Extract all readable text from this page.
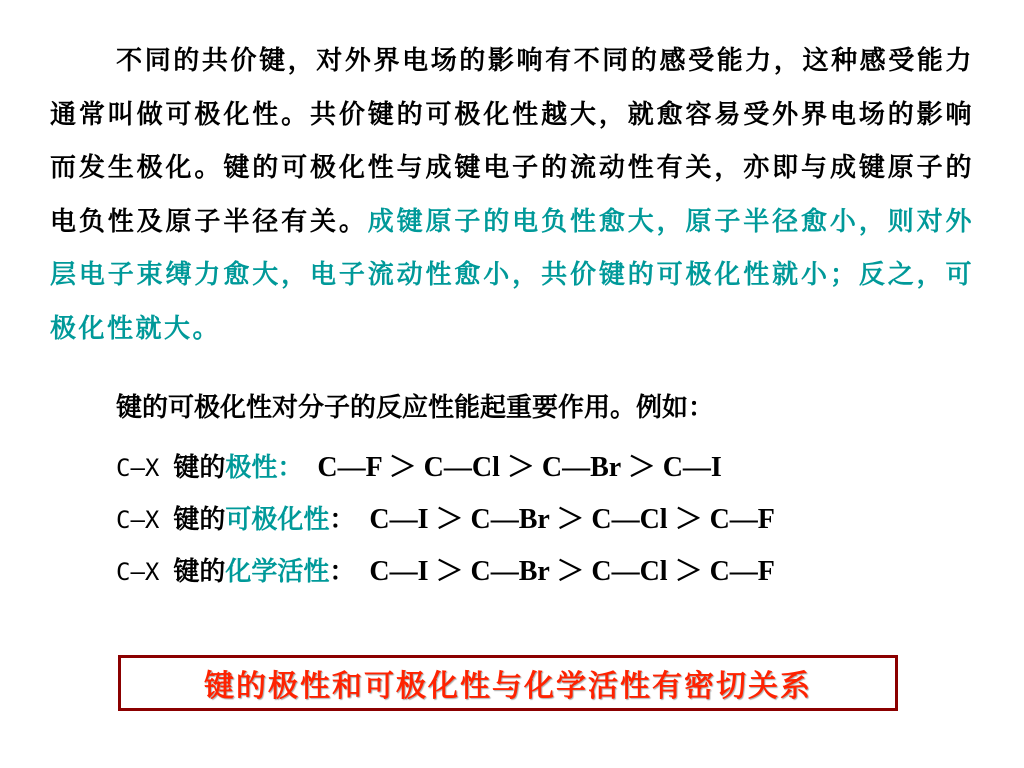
不同的共价键，对外界电场的影响有不同的感受能力，这种感受能力通常叫做可极化性。共价键的可极化性越大，就愈容易受外界电场的影响而发生极化。键的可极化性与成键电子的流动性有关，亦即与成键原子的电负性及原子半径有关。成键原子的电负性愈大，原子半径愈小，则对外层电子束缚力愈大，电子流动性愈小，共价键的可极化性就小；反之，可极化性就大。
键的可极化性对分子的反应性能起重要作用。例如：
C—X 键的极性： C—F ＞ C—Cl ＞ C—Br ＞ C—I
C—X 键的可极化性： C—I ＞ C—Br ＞ C—Cl ＞ C—F
C—X 键的化学活性： C—I ＞ C—Br ＞ C—Cl ＞ C—F
键的极性和可极化性与化学活性有密切关系
